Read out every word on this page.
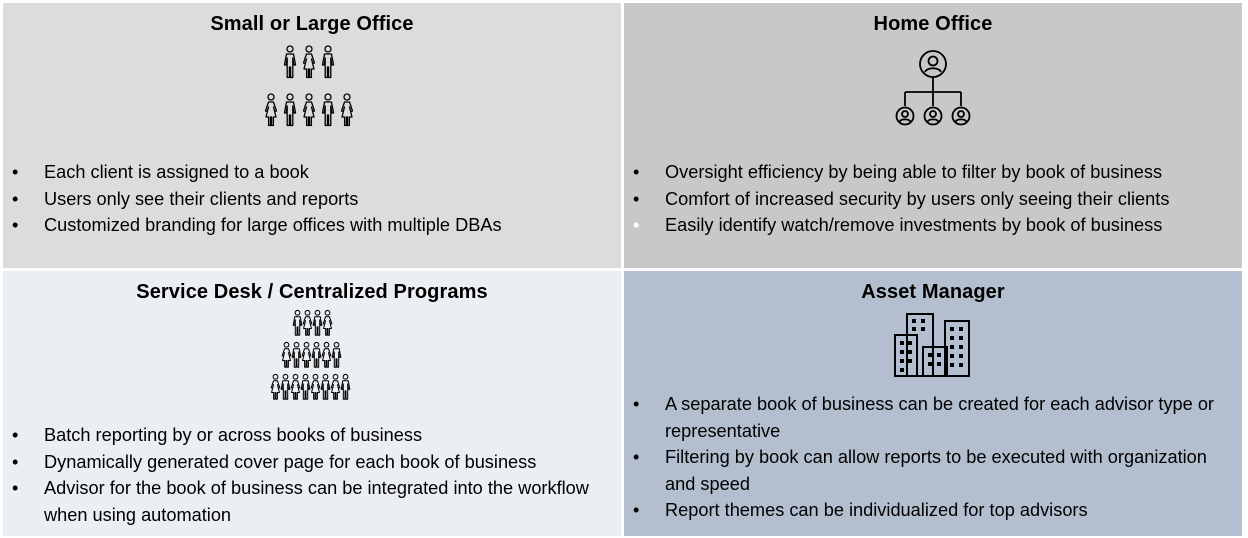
Small or Large Office
•	Each client is assigned to a book
•	Users only see their clients and reports
•	Customized branding for large offices with multiple DBAs
Home Office
•	Oversight efficiency by being able to filter by book of business
•	Comfort of increased security by users only seeing their clients
•	Easily identify watch/remove investments by book of business
Service Desk / Centralized Programs
•	Batch reporting by or across books of business
•	Dynamically generated cover page for each book of business
•	Advisor for the book of business can be integrated into the workflow when using automation
Asset Manager
•	A separate book of business can be created for each advisor type or representative
•	Filtering by book can allow reports to be executed with organization and speed
•	Report themes can be individualized for top advisors
